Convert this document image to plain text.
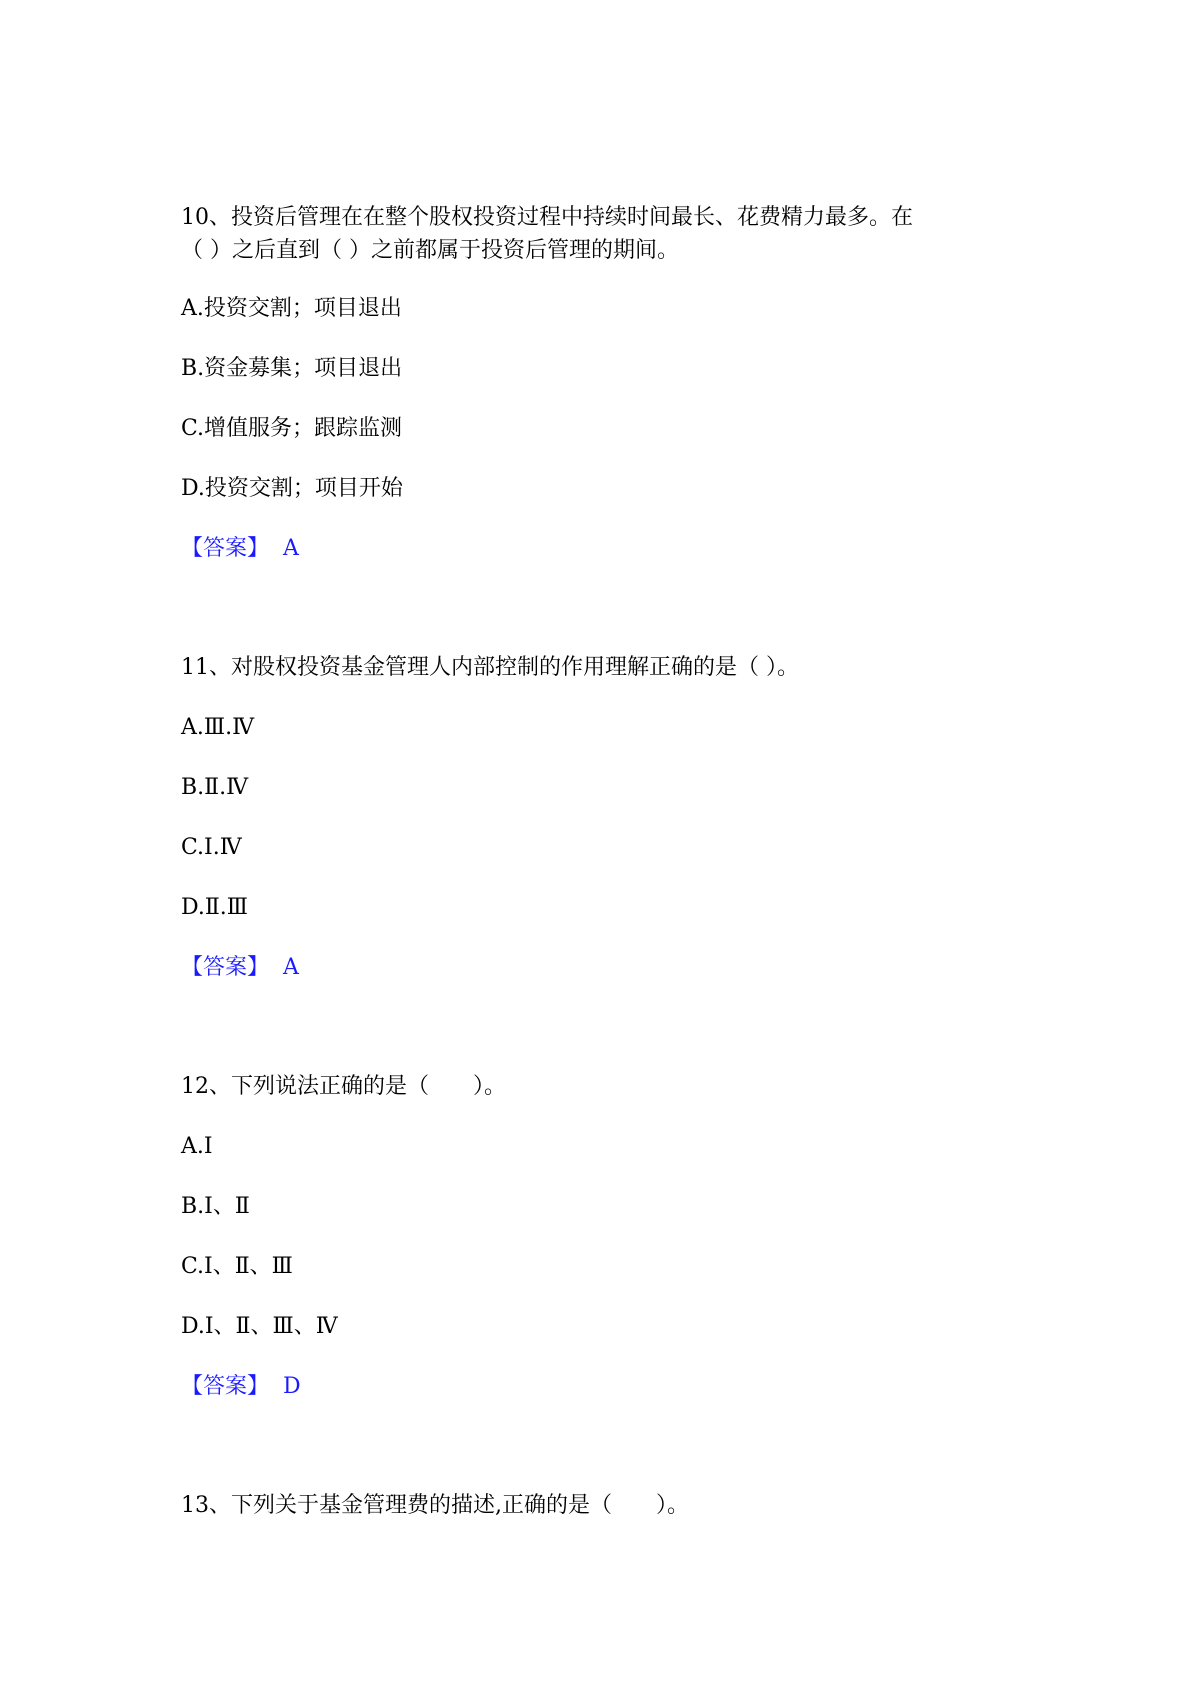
10、投资后管理在在整个股权投资过程中持续时间最长、花费精力最多。在
（ ）之后直到（ ）之前都属于投资后管理的期间。
A.投资交割；项目退出
B.资金募集；项目退出
C.增值服务；跟踪监测
D.投资交割；项目开始
【答案】 A
11、对股权投资基金管理人内部控制的作用理解正确的是（ ）。
A.Ⅲ.Ⅳ
B.Ⅱ.Ⅳ
C.Ⅰ.Ⅳ
D.Ⅱ.Ⅲ
【答案】 A
12、下列说法正确的是（　　）。
A.Ⅰ
B.Ⅰ、Ⅱ
C.Ⅰ、Ⅱ、Ⅲ
D.Ⅰ、Ⅱ、Ⅲ、Ⅳ
【答案】 D
13、下列关于基金管理费的描述,正确的是（　　）。
